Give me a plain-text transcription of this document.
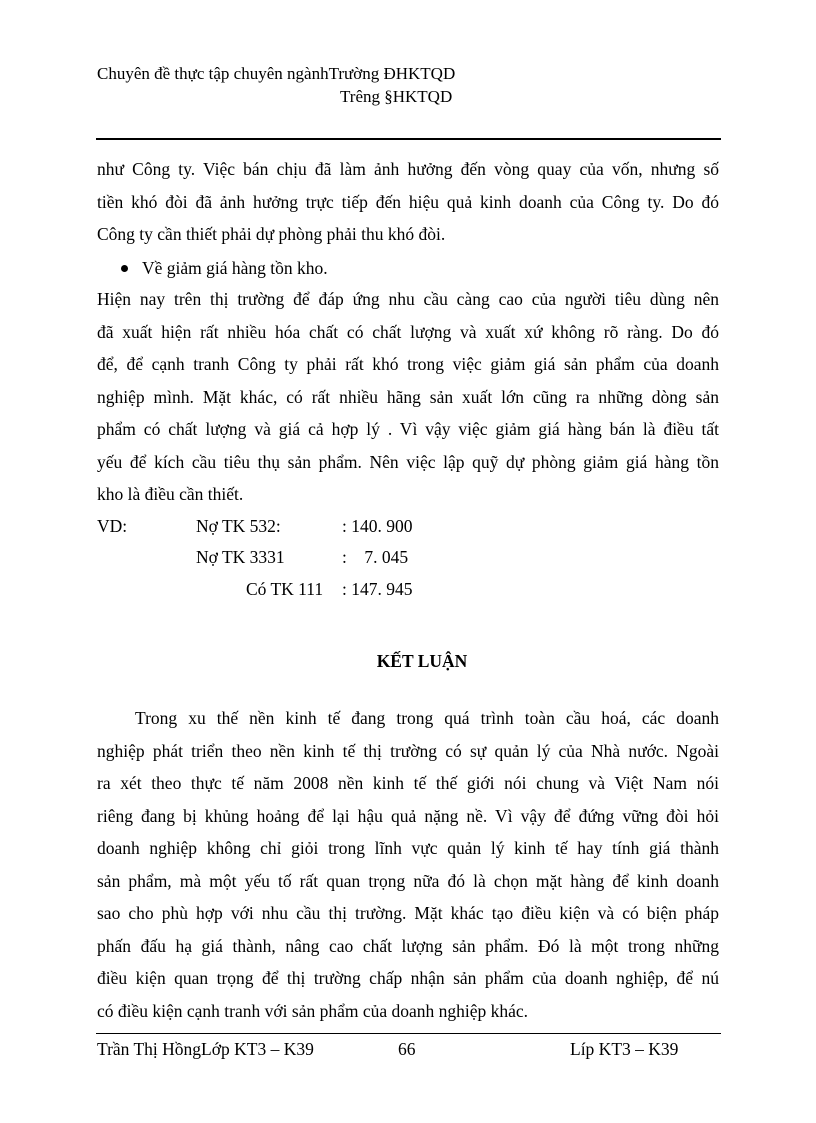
Chuyên đề thực tập chuyên ngànhTrường ĐHKTQD
Trêng §HKTQD
như Công ty. Việc bán chịu đã làm ảnh hưởng đến vòng quay của vốn, nhưng số
tiền khó đòi đã ảnh hưởng trực tiếp đến hiệu quả kinh doanh của Công ty. Do đó
Công ty cần thiết phải dự phòng phải thu khó đòi.
Về giảm giá hàng tồn kho.
Hiện nay trên thị trường để đáp ứng nhu cầu càng cao của người tiêu dùng nên
đã xuất hiện rất nhiều hóa chất có chất lượng và xuất xứ không rõ ràng. Do đó
để, để cạnh tranh Công ty phải rất khó trong việc giảm giá sản phẩm của doanh
nghiệp mình. Mặt khác, có rất nhiều hãng sản xuất lớn cũng ra những dòng sản
phẩm có chất lượng và giá cả hợp lý . Vì vậy việc giảm giá hàng bán là điều tất
yếu để kích cầu tiêu thụ sản phẩm. Nên việc lập quỹ dự phòng giảm giá hàng tồn
kho là điều cần thiết.
VD:	Nợ TK 532:	: 140. 900
Nợ TK 3331	:    7. 045
Có TK 111 : 147. 945
KẾT LUẬN
Trong xu thế nền kinh tế đang trong quá trình toàn cầu hoá, các doanh
nghiệp phát triển theo nền kinh tế thị trường có sự quản lý của Nhà nước. Ngoài
ra xét theo thực tế năm 2008 nền kinh tế thế giới nói chung và Việt Nam nói
riêng đang bị khủng hoảng để lại hậu quả nặng nề. Vì vậy để đứng vững đòi hỏi
doanh nghiệp không chỉ giỏi trong lĩnh vực quản lý kinh tế hay tính giá thành
sản phẩm, mà một yếu tố rất quan trọng nữa đó là chọn mặt hàng để kinh doanh
sao cho phù hợp với nhu cầu thị trường. Mặt khác tạo điều kiện và có biện pháp
phấn đấu hạ giá thành, nâng cao chất lượng sản phẩm. Đó là một trong những
điều kiện quan trọng để thị trường chấp nhận sản phẩm của doanh nghiệp, để nú
có điều kiện cạnh tranh với sản phẩm của doanh nghiệp khác.
Trần Thị HồngLớp KT3 – K39	66	Líp KT3 – K39
